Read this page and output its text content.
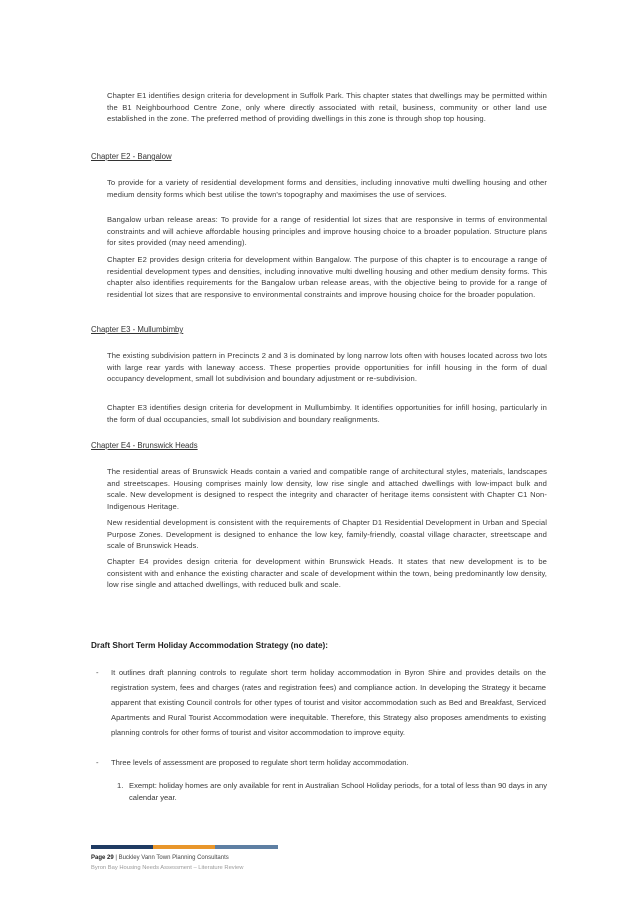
Chapter E1 identifies design criteria for development in Suffolk Park. This chapter states that dwellings may be permitted within the B1 Neighbourhood Centre Zone, only where directly associated with retail, business, community or other land use established in the zone. The preferred method of providing dwellings in this zone is through shop top housing.

Chapter E2 - Bangalow

To provide for a variety of residential development forms and densities, including innovative multi dwelling housing and other medium density forms which best utilise the town's topography and maximises the use of services.

Bangalow urban release areas: To provide for a range of residential lot sizes that are responsive in terms of environmental constraints and will achieve affordable housing principles and improve housing choice to a broader population. Structure plans for sites provided (may need amending).

Chapter E2 provides design criteria for development within Bangalow. The purpose of this chapter is to encourage a range of residential development types and densities, including innovative multi dwelling housing and other medium density forms. This chapter also identifies requirements for the Bangalow urban release areas, with the objective being to provide for a range of residential lot sizes that are responsive to environmental constraints and improve housing choice for the broader population.

Chapter E3 - Mullumbimby

The existing subdivision pattern in Precincts 2 and 3 is dominated by long narrow lots often with houses located across two lots with large rear yards with laneway access. These properties provide opportunities for infill housing in the form of dual occupancy development, small lot subdivision and boundary adjustment or re-subdivision.

Chapter E3 identifies design criteria for development in Mullumbimby. It identifies opportunities for infill hosing, particularly in the form of dual occupancies, small lot subdivision and boundary realignments.

Chapter E4 - Brunswick Heads

The residential areas of Brunswick Heads contain a varied and compatible range of architectural styles, materials, landscapes and streetscapes. Housing comprises mainly low density, low rise single and attached dwellings with low-impact bulk and scale. New development is designed to respect the integrity and character of heritage items consistent with Chapter C1 Non-Indigenous Heritage.

New residential development is consistent with the requirements of Chapter D1 Residential Development in Urban and Special Purpose Zones. Development is designed to enhance the low key, family-friendly, coastal village character, streetscape and scale of Brunswick Heads.

Chapter E4 provides design criteria for development within Brunswick Heads. It states that new development is to be consistent with and enhance the existing character and scale of development within the town, being predominantly low density, low rise single and attached dwellings, with reduced bulk and scale.

Draft Short Term Holiday Accommodation Strategy (no date):

- It outlines draft planning controls to regulate short term holiday accommodation in Byron Shire and provides details on the registration system, fees and charges (rates and registration fees) and compliance action. In developing the Strategy it became apparent that existing Council controls for other types of tourist and visitor accommodation such as Bed and Breakfast, Serviced Apartments and Rural Tourist Accommodation were inequitable. Therefore, this Strategy also proposes amendments to existing planning controls for other forms of tourist and visitor accommodation to improve equity.
- Three levels of assessment are proposed to regulate short term holiday accommodation.
1. Exempt: holiday homes are only available for rent in Australian School Holiday periods, for a total of less than 90 days in any calendar year.

Page 29 | Buckley Vann Town Planning Consultants

Byron Bay Housing Needs Assessment – Literature Review
